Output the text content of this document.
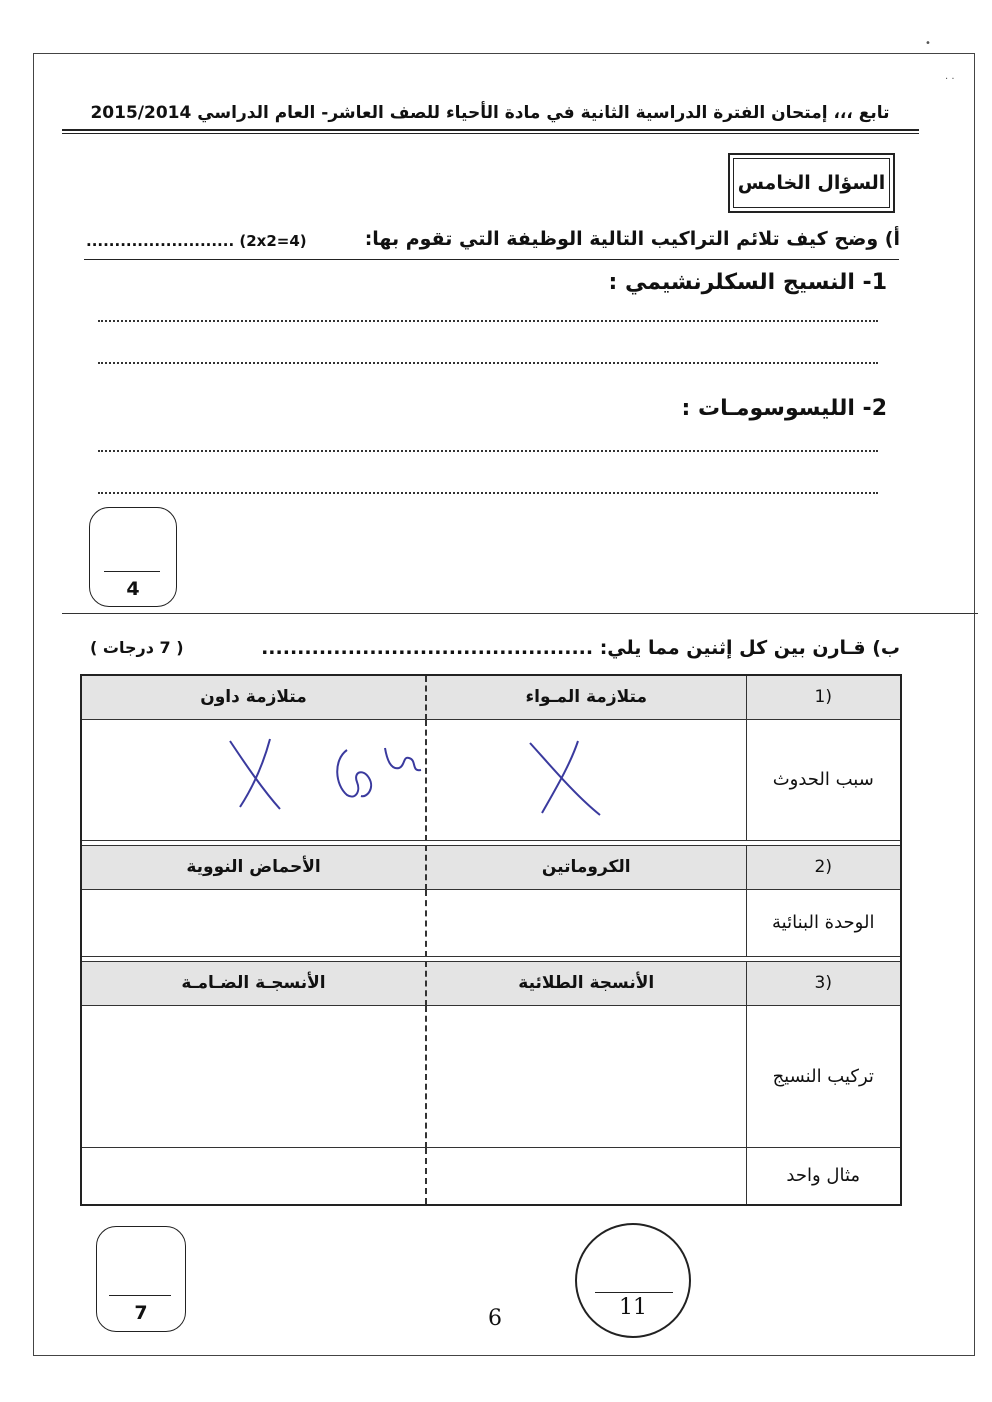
•
· ·
تابع ،،، إمتحان الفترة الدراسية الثانية في مادة الأحياء للصف العاشر- العام الدراسي 2015/2014
السؤال الخامس
أ) وضح كيف تلائم التراكيب التالية الوظيفة التي تقوم بها:
.......................... (2x2=4)
1- النسيج السكلرنشيمي :
2- الليسوسومـات :
4
ب) قـارن بين كل إثنين مما يلي: ..............................................
( 7 درجات )
(1	متلازمة المـواء	متلازمة داون
سبب الحدوث		

(2	الكروماتين	الأحماض النووية
الوحدة البنائية		

(3	الأنسجة الطلائية	الأنسجـة الضـامـة
تركيب النسيج		
مثال واحد		
7	6	11
